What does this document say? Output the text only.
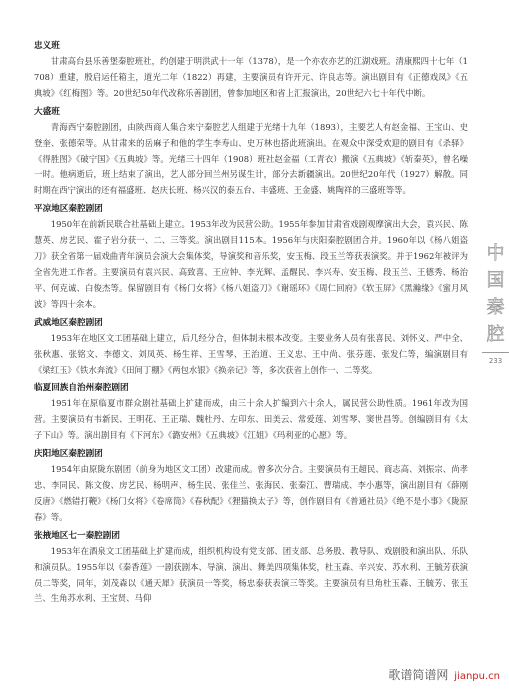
忠义班

甘肃高台县乐善堡秦腔班社，约创建于明洪武十一年（1378），是一个亦农亦艺的江湖戏班。清康熙四十七年（1708）重建，殷启运任箱主，道光二年（1822）再建，主要演员有许开元、许良志等。演出剧目有《正德戏凤》《五典坡》《红梅图》等。20世纪50年代改称乐善剧团，曾参加地区和省上汇报演出，20世纪六七十年代中断。

大盛班

青海西宁秦腔剧团，由陕西商人集合来宁秦腔艺人组建于光绪十九年（1893），主要艺人有赵金福、王宝山、史登奎、张德荣等。从甘肃来的岳麻子和他的学生李寿山、史万林也搭此班演出。在观众中深受欢迎的剧目有《杀驿》《得胜图》《破宁国》《五典坡》等。光绪三十四年（1908）班社赵金福（工青衣）搬演《五典坡》《斩秦英》，曾名噪一时。他病逝后，班上结束了演出，艺人部分回兰州另谋生计，部分去新疆演出。20世纪20年代（1927）解散。同时期在西宁演出的还有福盛班、赵庆长班、杨兴汉的泰五台、丰盛班、王金盛、姚陶祥的三盛班等等。

平凉地区秦腔剧团

1950年在前新民联合社基础上建立。1953年改为民营公助。1955年参加甘肃省戏剧观摩演出大会，袁兴民、陈慧英、房艺民、霍子岩分获一、二、三等奖。演出剧目115本。1956年与庆阳秦腔剧团合并。1960年以《杨八姐盗刀》获全省第一届戏曲青年演员会演大会集体奖，导演奖和音乐奖，安玉梅、段玉兰等获表演奖。并于1962年被评为全省先进工作者。主要演员有袁兴民、高致喜、王应钟、李光辉、孟醒民、李兴寿、安玉梅、段玉兰、王德秀、杨治平、何克诚、白俊杰等。保留剧目有《杨门女将》《杨八姐盗刀》《谢瑶环》《周仁回府》《软玉屏》《黑瀚缘》《蜜月风波》等四十余本。

武威地区秦腔剧团

1953年在地区文工团基础上建立，后几经分合，但体制未根本改变。主要业务人员有张喜民、刘怀义、严中全、张秋惠、张铭文、李德文、刘凤英、杨生祥、王雪琴、王治道、王义忠、王中尚、张芬莲、张发仁等，编演剧目有《梁红玉》《铁水奔流》《田间丁棚》《两包水银》《换亲记》等，多次获省上创作一、二等奖。

临夏回族自治州秦腔剧团

1951年在原临夏市群众剧社基础上扩建而成，由三十余人扩编到六十余人，属民营公助性质。1961年改为国营。主要演员有韦新民、王明花、王正瑞、魏杜丹、左印东、田美云、常爱莲、刘雪琴、窦世昌等。创编剧目有《太子下山》等。演出剧目有《下河东》《潞安州》《五典坡》《江姐》《玛利亚的心愿》等。

庆阳地区秦腔剧团

1954年由原陇东剧团（前身为地区文工团）改建而成。曾多次分合。主要演员有王超民、商志高、刘振宗、尚孝忠、李同民、陈文俊、房艺民、杨明声、杨生民、张佳兰、张海民、张秦江、曹瑞成、李小惠等，演出剧目有《薛刚反唐》《燃错打鞭》《杨门女将》《卷席筒》《春秋配》《狸猫换太子》等，创作剧目有《普通社员》《绝不是小事》《陇原春》等。

张掖地区七一秦腔剧团

1953年在酒泉文工团基础上扩建而成，组织机构设有党支部、团支部、总务股、教导队、戏剧股和演出队、乐队和演员队。1955年以《秦香莲》一剧获剧本、导演、演出、舞美四项集体奖，杜玉森、辛兴安、苏水利、王毓芳获演员二等奖，同年，刘茂森以《通天犀》获演员一等奖，杨忠泰获表演三等奖。主要演员有旦角杜玉森、王毓芳、张玉兰、生角苏水利、王宝贤、马仰

中
国
秦
腔
233
歌谱简谱网 jianpu.cn
